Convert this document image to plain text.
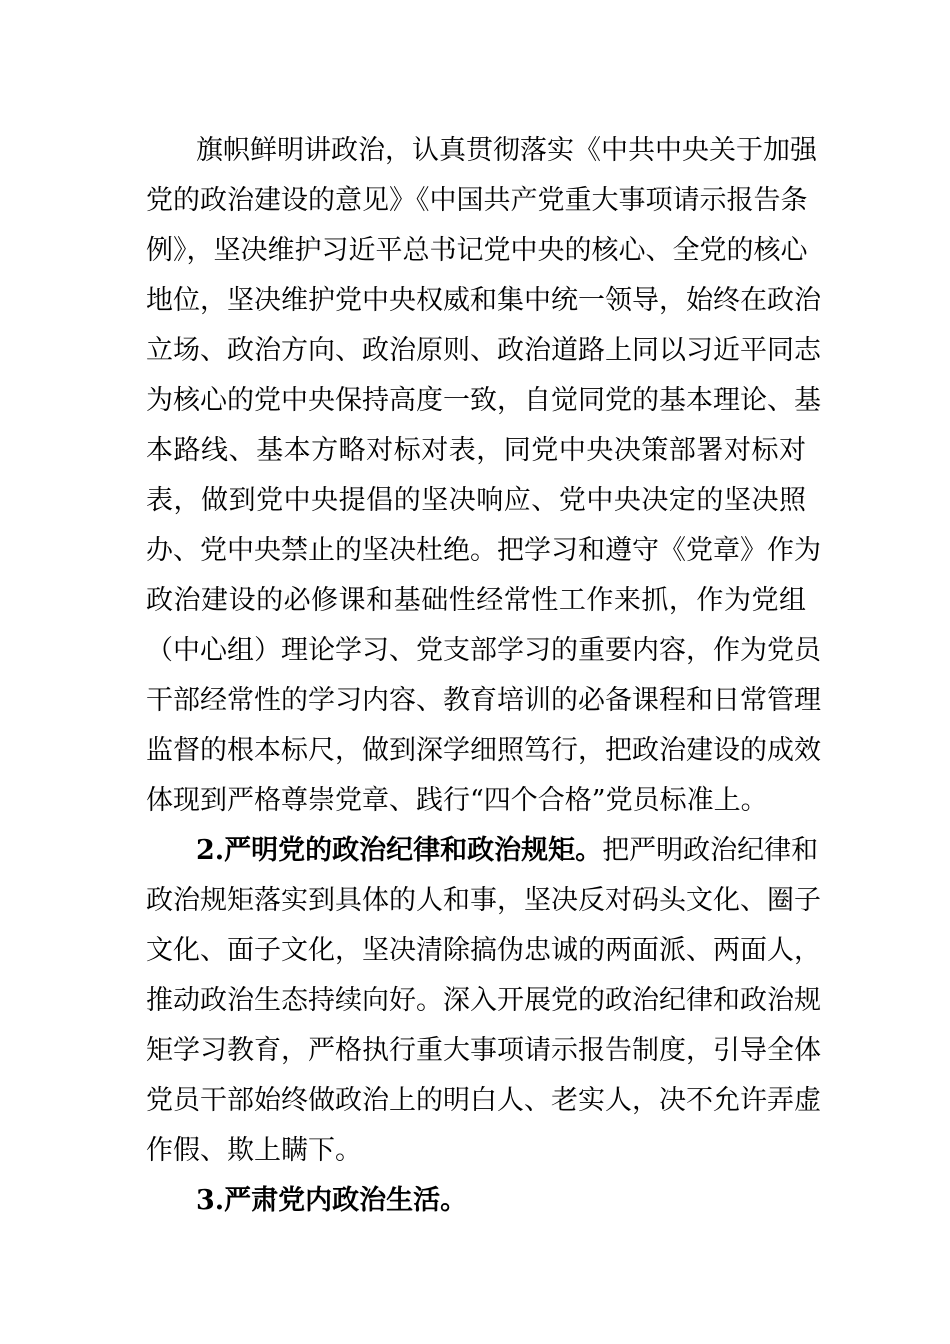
旗帜鲜明讲政治，认真贯彻落实《中共中央关于加强
党的政治建设的意见》《中国共产党重大事项请示报告条
例》，坚决维护习近平总书记党中央的核心、全党的核心
地位，坚决维护党中央权威和集中统一领导，始终在政治
立场、政治方向、政治原则、政治道路上同以习近平同志
为核心的党中央保持高度一致，自觉同党的基本理论、基
本路线、基本方略对标对表，同党中央决策部署对标对
表，做到党中央提倡的坚决响应、党中央决定的坚决照
办、党中央禁止的坚决杜绝。把学习和遵守《党章》作为
政治建设的必修课和基础性经常性工作来抓，作为党组
（中心组）理论学习、党支部学习的重要内容，作为党员
干部经常性的学习内容、教育培训的必备课程和日常管理
监督的根本标尺，做到深学细照笃行，把政治建设的成效
体现到严格尊崇党章、践行“四个合格”党员标准上。
2.严明党的政治纪律和政治规矩。把严明政治纪律和
政治规矩落实到具体的人和事，坚决反对码头文化、圈子
文化、面子文化，坚决清除搞伪忠诚的两面派、两面人，
推动政治生态持续向好。深入开展党的政治纪律和政治规
矩学习教育，严格执行重大事项请示报告制度，引导全体
党员干部始终做政治上的明白人、老实人，决不允许弄虚
作假、欺上瞒下。
3.严肃党内政治生活。
